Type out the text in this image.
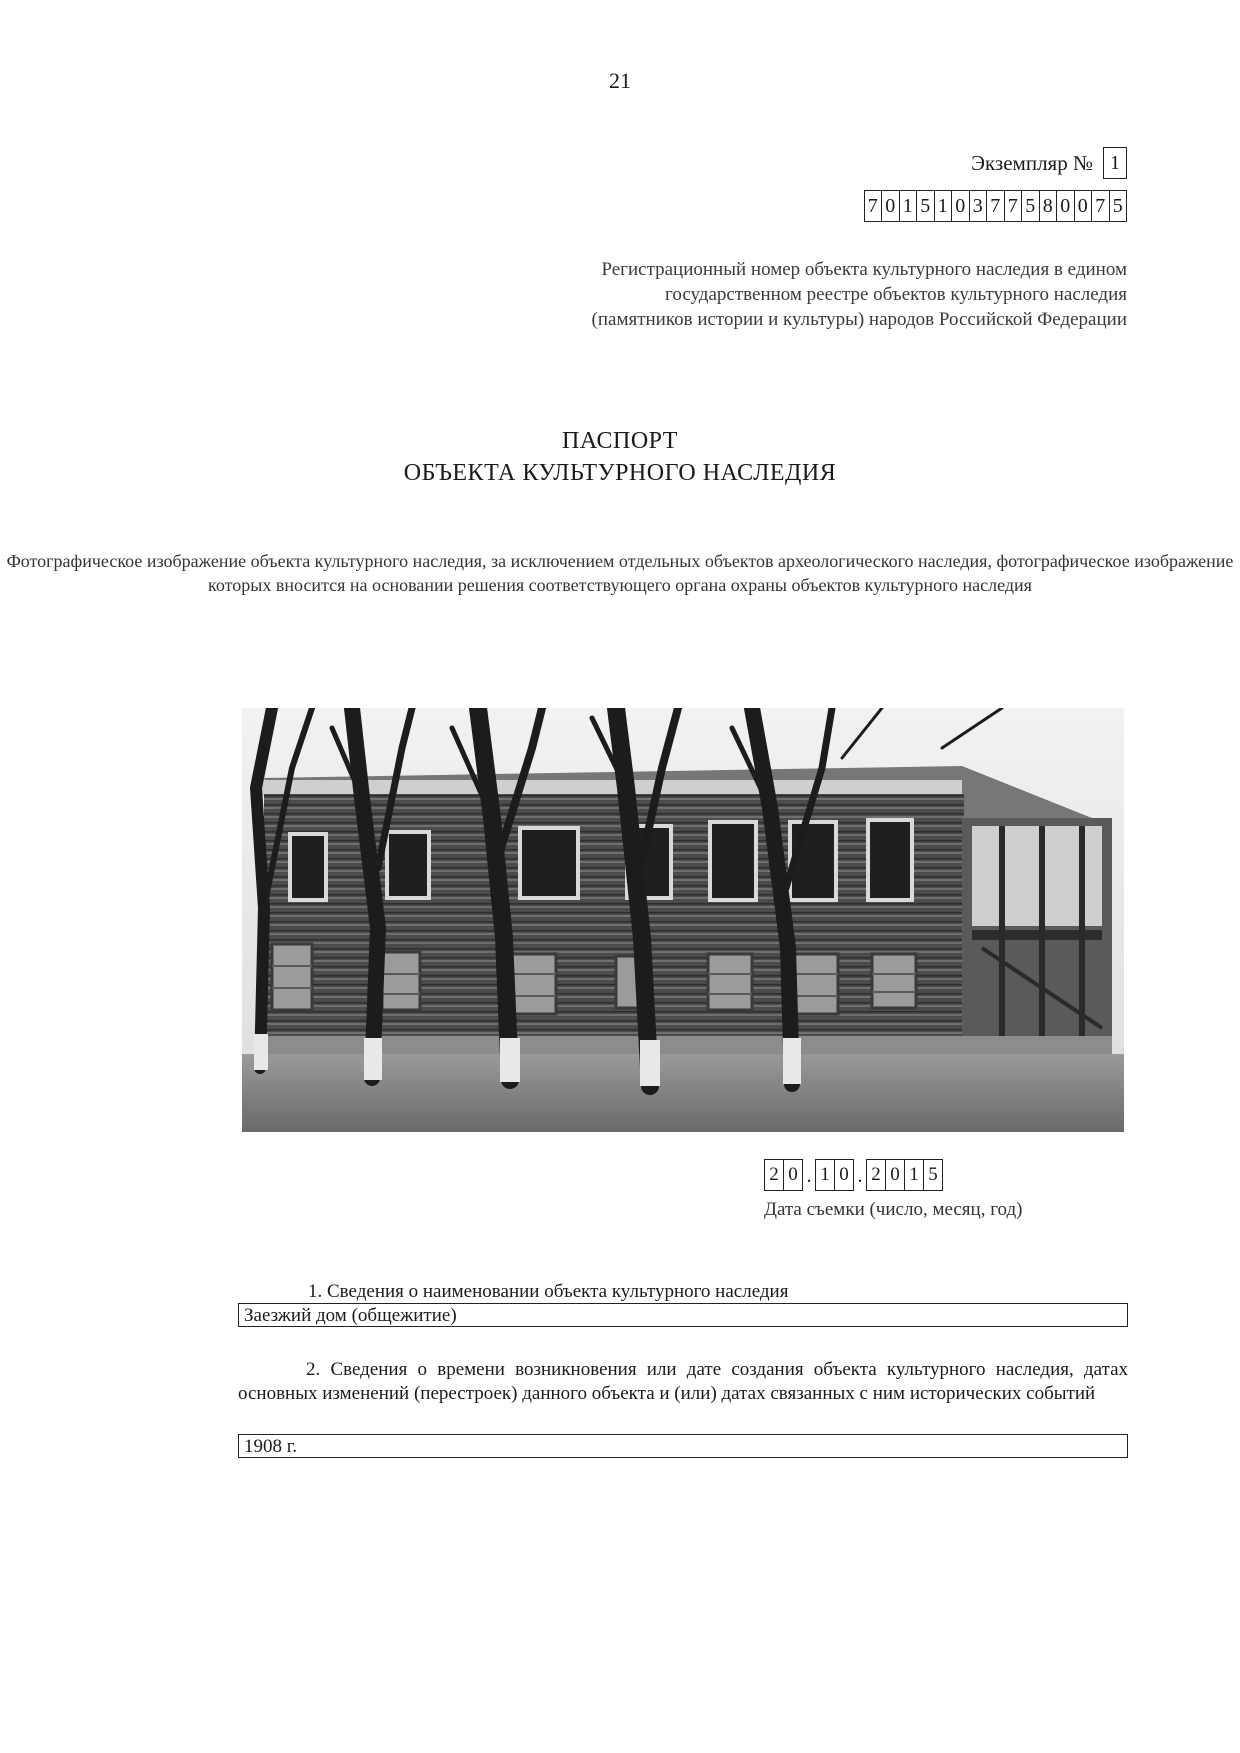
21
Экземпляр № 1
7 0 1 5 1 0 3 7 7 5 8 0 0 7 5
Регистрационный номер объекта культурного наследия в едином государственном реестре объектов культурного наследия (памятников истории и культуры) народов Российской Федерации
ПАСПОРТ
ОБЪЕКТА КУЛЬТУРНОГО НАСЛЕДИЯ
Фотографическое изображение объекта культурного наследия, за исключением отдельных объектов археологического наследия, фотографическое изображение которых вносится на основании решения соответствующего органа охраны объектов культурного наследия
2 0 . 1 0 . 2 0 1 5
Дата съемки (число, месяц, год)
1. Сведения о наименовании объекта культурного наследия
Заезжий дом (общежитие)
2. Сведения о времени возникновения или дате создания объекта культурного наследия, датах основных изменений (перестроек) данного объекта и (или) датах связанных с ним исторических событий
1908 г.
